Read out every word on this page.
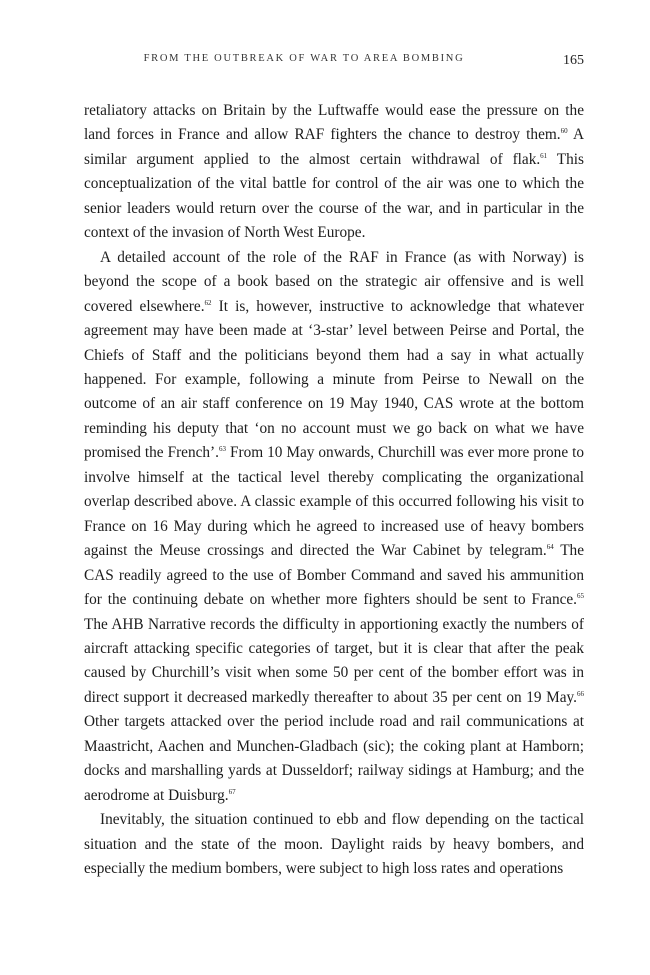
FROM THE OUTBREAK OF WAR TO AREA BOMBING	165

retaliatory attacks on Britain by the Luftwaffe would ease the pressure on the land forces in France and allow RAF fighters the chance to destroy them.$^{60}$ A similar argument applied to the almost certain withdrawal of flak.$^{61}$ This conceptualization of the vital battle for control of the air was one to which the senior leaders would return over the course of the war, and in particular in the context of the invasion of North West Europe.

A detailed account of the role of the RAF in France (as with Norway) is beyond the scope of a book based on the strategic air offensive and is well covered elsewhere.$^{62}$ It is, however, instructive to acknowledge that whatever agreement may have been made at ‘3-star’ level between Peirse and Portal, the Chiefs of Staff and the politicians beyond them had a say in what actually happened. For example, following a minute from Peirse to Newall on the outcome of an air staff conference on 19 May 1940, CAS wrote at the bottom reminding his deputy that ‘on no account must we go back on what we have promised the French’.$^{63}$ From 10 May onwards, Churchill was ever more prone to involve himself at the tactical level thereby complicating the organizational overlap described above. A classic example of this occurred following his visit to France on 16 May during which he agreed to increased use of heavy bombers against the Meuse crossings and directed the War Cabinet by telegram.$^{64}$ The CAS readily agreed to the use of Bomber Command and saved his ammunition for the continuing debate on whether more fighters should be sent to France.$^{65}$ The AHB Narrative records the difficulty in apportioning exactly the numbers of aircraft attacking specific categories of target, but it is clear that after the peak caused by Churchill’s visit when some 50 per cent of the bomber effort was in direct support it decreased markedly thereafter to about 35 per cent on 19 May.$^{66}$ Other targets attacked over the period include road and rail communications at Maastricht, Aachen and Munchen-Gladbach (sic); the coking plant at Hamborn; docks and marshalling yards at Dusseldorf; railway sidings at Hamburg; and the aerodrome at Duisburg.$^{67}$

Inevitably, the situation continued to ebb and flow depending on the tactical situation and the state of the moon. Daylight raids by heavy bombers, and especially the medium bombers, were subject to high loss rates and operations
